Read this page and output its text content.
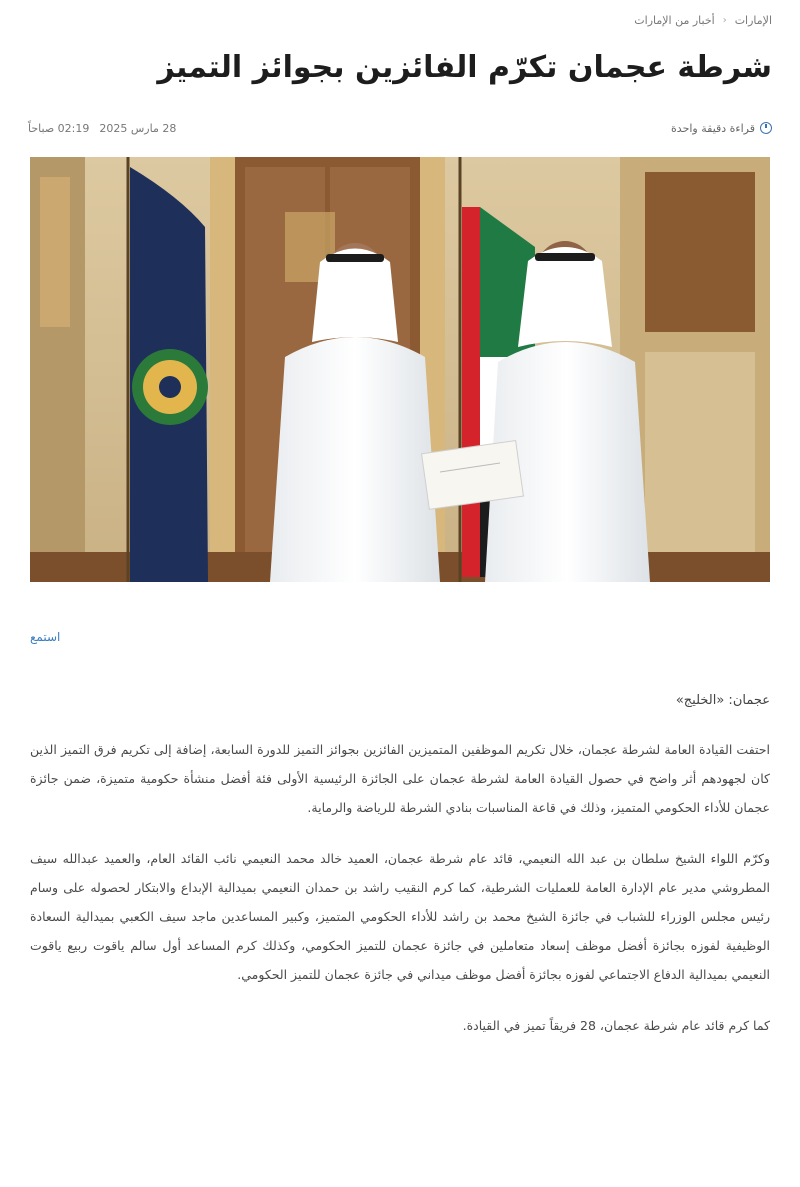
الإمارات
‹
أخبار من الإمارات
شرطة عجمان تكرّم الفائزين بجوائز التميز
قراءة دقيقة واحدة
28 مارس 2025
02:19 صباحاً
استمع
عجمان: «الخليج»

احتفت القيادة العامة لشرطة عجمان، خلال تكريم الموظفين المتميزين الفائزين بجوائز التميز للدورة السابعة، إضافة إلى تكريم فرق التميز الذين كان لجهودهم أثر واضح في حصول القيادة العامة لشرطة عجمان على الجائزة الرئيسية الأولى فئة أفضل منشأة حكومية متميزة، ضمن جائزة عجمان للأداء الحكومي المتميز، وذلك في قاعة المناسبات بنادي الشرطة للرياضة والرماية.

وكرّم اللواء الشيخ سلطان بن عبد الله النعيمي، قائد عام شرطة عجمان، العميد خالد محمد النعيمي نائب القائد العام، والعميد عبدالله سيف المطروشي مدير عام الإدارة العامة للعمليات الشرطية، كما كرم النقيب راشد بن حمدان النعيمي بميدالية الإبداع والابتكار لحصوله على وسام رئيس مجلس الوزراء للشباب في جائزة الشيخ محمد بن راشد للأداء الحكومي المتميز، وكبير المساعدين ماجد سيف الكعبي بميدالية السعادة الوظيفية لفوزه بجائزة أفضل موظف إسعاد متعاملين في جائزة عجمان للتميز الحكومي، وكذلك كرم المساعد أول سالم ياقوت ربيع ياقوت النعيمي بميدالية الدفاع الاجتماعي لفوزه بجائزة أفضل موظف ميداني في جائزة عجمان للتميز الحكومي.

كما كرم قائد عام شرطة عجمان، 28 فريقاً تميز في القيادة.
